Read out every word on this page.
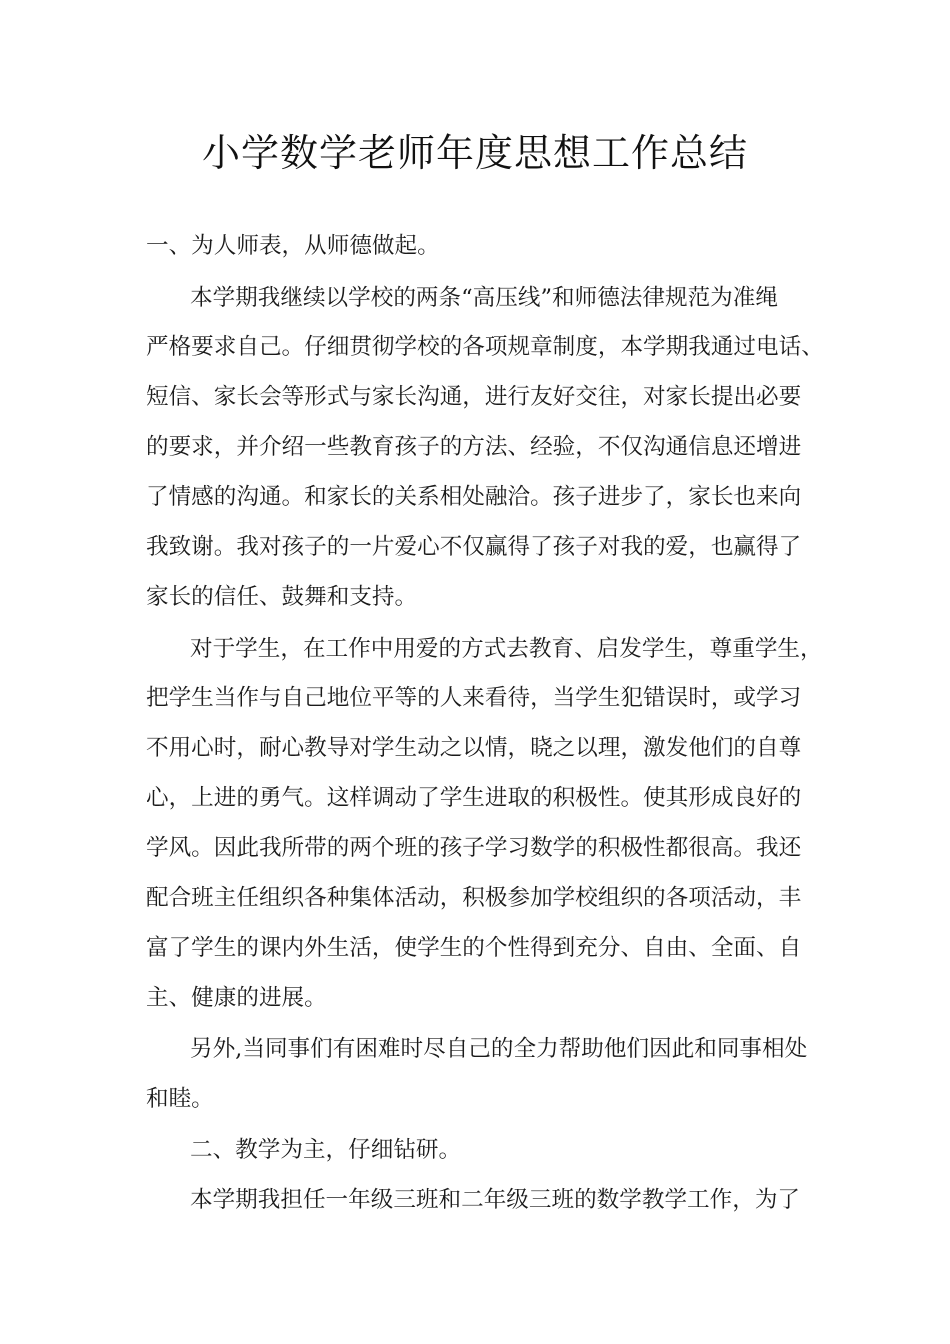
小学数学老师年度思想工作总结

一、为人师表，从师德做起。

本学期我继续以学校的两条“高压线”和师德法律规范为准绳

严格要求自己。仔细贯彻学校的各项规章制度，本学期我通过电话、

短信、家长会等形式与家长沟通，进行友好交往，对家长提出必要

的要求，并介绍一些教育孩子的方法、经验，不仅沟通信息还增进

了情感的沟通。和家长的关系相处融洽。孩子进步了，家长也来向

我致谢。我对孩子的一片爱心不仅赢得了孩子对我的爱，也赢得了

家长的信任、鼓舞和支持。

对于学生，在工作中用爱的方式去教育、启发学生，尊重学生，

把学生当作与自己地位平等的人来看待，当学生犯错误时，或学习

不用心时，耐心教导对学生动之以情，晓之以理，激发他们的自尊

心，上进的勇气。这样调动了学生进取的积极性。使其形成良好的

学风。因此我所带的两个班的孩子学习数学的积极性都很高。我还

配合班主任组织各种集体活动，积极参加学校组织的各项活动，丰

富了学生的课内外生活，使学生的个性得到充分、自由、全面、自

主、健康的进展。

另外,当同事们有困难时尽自己的全力帮助他们因此和同事相处

和睦。

二、教学为主，仔细钻研。

本学期我担任一年级三班和二年级三班的数学教学工作，为了
